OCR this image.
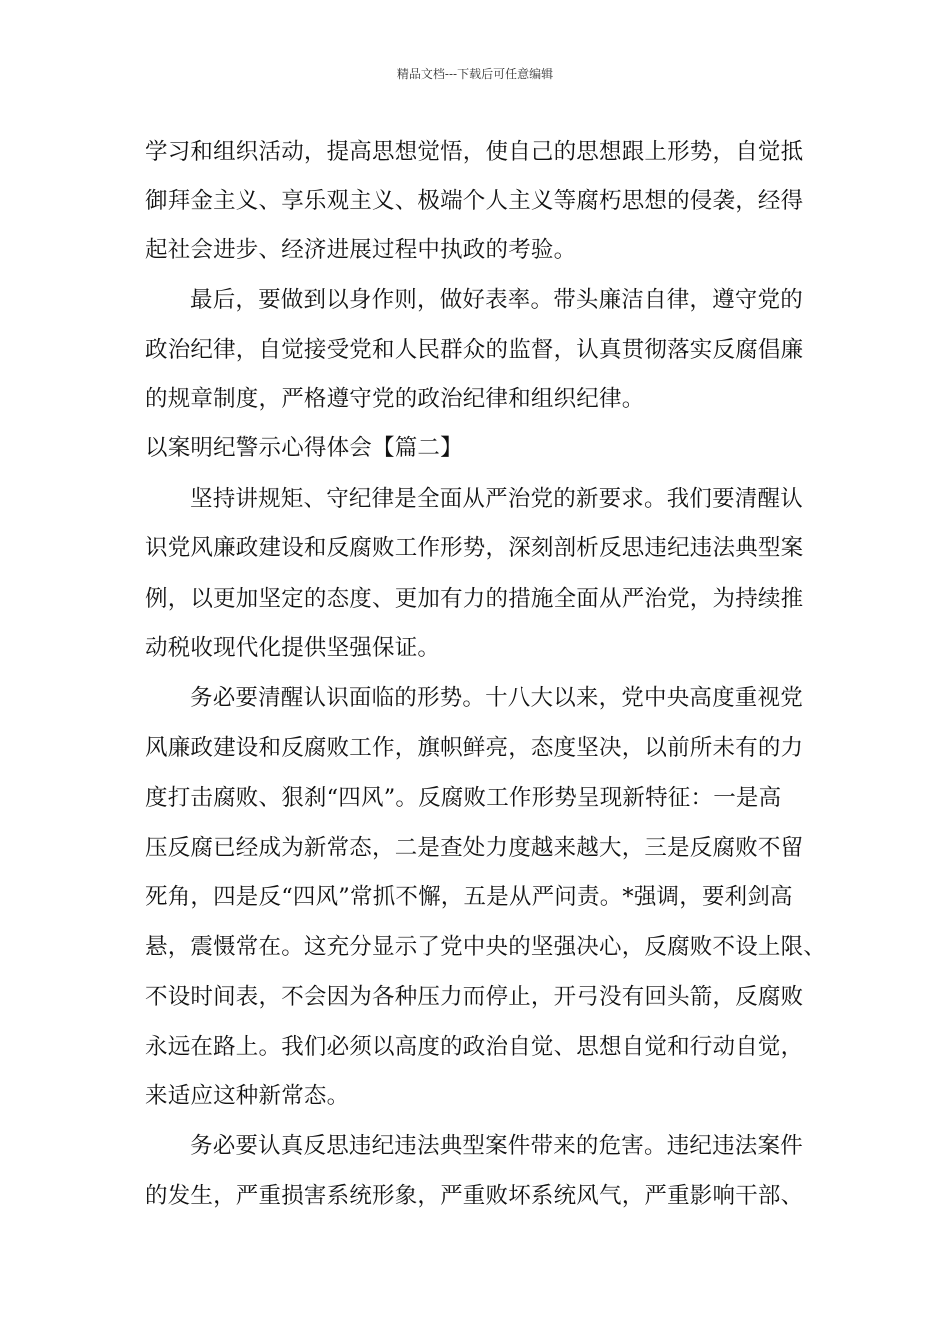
精品文档---下载后可任意编辑
学习和组织活动，提高思想觉悟，使自己的思想跟上形势，自觉抵
御拜金主义、享乐观主义、极端个人主义等腐朽思想的侵袭，经得
起社会进步、经济进展过程中执政的考验。
最后，要做到以身作则，做好表率。带头廉洁自律，遵守党的
政治纪律，自觉接受党和人民群众的监督，认真贯彻落实反腐倡廉
的规章制度，严格遵守党的政治纪律和组织纪律。
以案明纪警示心得体会【篇二】
坚持讲规矩、守纪律是全面从严治党的新要求。我们要清醒认
识党风廉政建设和反腐败工作形势，深刻剖析反思违纪违法典型案
例，以更加坚定的态度、更加有力的措施全面从严治党，为持续推
动税收现代化提供坚强保证。
务必要清醒认识面临的形势。十八大以来，党中央高度重视党
风廉政建设和反腐败工作，旗帜鲜亮，态度坚决，以前所未有的力
度打击腐败、狠刹“四风”。反腐败工作形势呈现新特征：一是高
压反腐已经成为新常态，二是查处力度越来越大，三是反腐败不留
死角，四是反“四风”常抓不懈，五是从严问责。*强调，要利剑高
悬，震慑常在。这充分显示了党中央的坚强决心，反腐败不设上限、
不设时间表，不会因为各种压力而停止，开弓没有回头箭，反腐败
永远在路上。我们必须以高度的政治自觉、思想自觉和行动自觉，
来适应这种新常态。
务必要认真反思违纪违法典型案件带来的危害。违纪违法案件
的发生，严重损害系统形象，严重败坏系统风气，严重影响干部、
